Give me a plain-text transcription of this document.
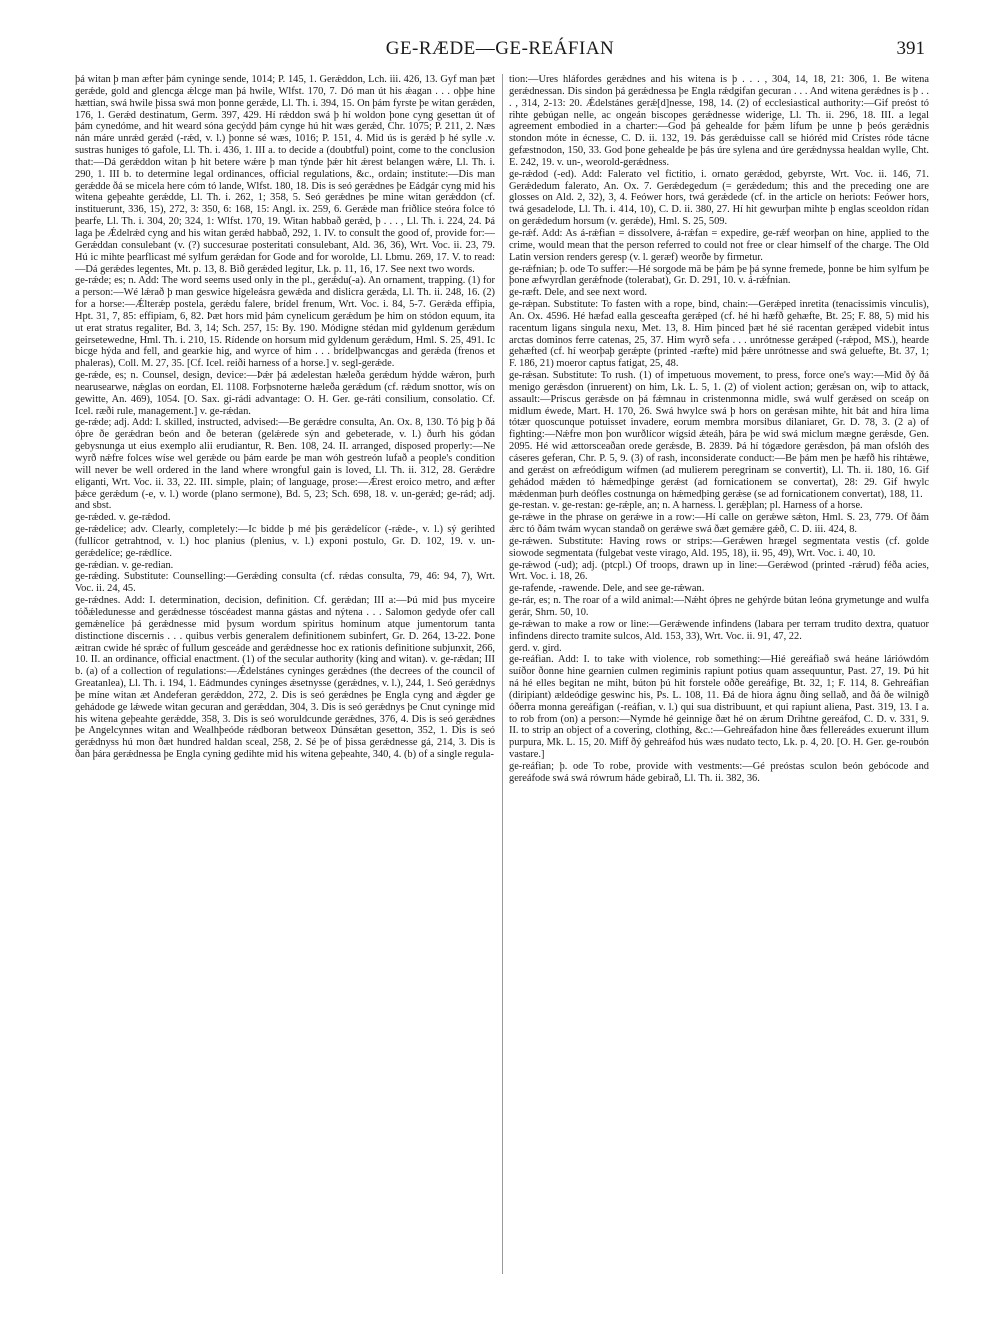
GE-RÆDE—GE-REÁFIAN	391

þá witan þ man æfter þám cyninge sende, 1014; P. 145, 1. Gerǽddon, Lch. iii. 426, 13. Gyf man þæt gerǽde, gold and glencga ǽlcge man þá hwile, Wlfst. 170, 7. Dó man út his ǽagan . . . oþþe hine hættian, swá hwile þissa swá mon þonne gerǽde, Ll. Th. i. 394, 15. On þám fyrste þe witan gerǽden, 176, 1. Gerǽd destinatum, Germ. 397, 429. Hí rǽddon swá þ hí woldon þone cyng gesettan út of þám cynedóme, and hit weard sóna gecýdd þám cynge hú hit wæs gerǽd, Chr. 1075; P. 211, 2. Næs nán máre unrǽd gerǽd (-rǽd, v. l.) þonne sé wæs, 1016; P. 151, 4. Mid ús is gerǽd þ hé sylle .v. sustras huniges tó gafole, Ll. Th. i. 436, 1. III a. to decide a (doubtful) point, come to the conclusion that:—Dá gerǽddon witan þ hit betere wǽre þ man týnde þǽr hit ǽrest belangen wǽre, Ll. Th. i. 290, 1. III b. to determine legal ordinances, official regulations, &c., ordain; institute:—Dis man gerǽdde ðá se micela here cóm tó lande, Wlfst. 180, 18. Dis is seó gerǽdnes þe Eádgár cyng mid his witena geþeahte gerǽdde, Ll. Th. i. 262, 1; 358, 5. Seó gerǽdnes þe mine witan gerǽddon (cf. instituerunt, 336, 15), 272, 3: 350, 6: 168, 15: Angl. ix. 259, 6. Gerǽde man friðlice steóra folce tó þearfe, Ll. Th. i. 304, 20; 324, 1: Wlfst. 170, 19. Witan habbað gerǽd, þ . . . , Ll. Th. i. 224, 24. Þá laga þe Ǽdelrǽd cyng and his witan gerǽd habbað, 292, 1. IV. to consult the good of, provide for:—Gerǽddan consulebant (v. (?) succesurae posteritati consulebant, Ald. 36, 36), Wrt. Voc. ii. 23, 79. Hú ic mihte þearflicast mé sylfum gerǽdan for Gode and for worolde, Ll. Lbmu. 269, 17. V. to read:—Dá gerǽdes legentes, Mt. p. 13, 8. Bið gerǽded legitur, Lk. p. 11, 16, 17. See next two words.

ge-rǽde; es; n. Add: The word seems used only in the pl., gerǽdu(-a). An ornament, trapping. (1) for a person:—Wé lǽrað þ man geswice hígeleásra gewǽda and dislicra gerǽda, Ll. Th. ii. 248, 16. (2) for a horse:—Ǽlterǽp postela, gerǽdu falere, brídel frenum, Wrt. Voc. i. 84, 5-7. Gerǽda effipia, Hpt. 31, 7, 85: effipiam, 6, 82. Þæt hors mid þám cynelicum gerǽdum þe him on stódon equum, ita ut erat stratus regaliter, Bd. 3, 14; Sch. 257, 15: By. 190. Módigne stédan mid gyldenum gerǽdum geirsetewedne, Hml. Th. i. 210, 15. Rídende on horsum mid gyldenum gerǽdum, Hml. S. 25, 491. Ic bicge hýda and fell, and gearkie hig, and wyrce of him . . . brídelþwancgas and gerǽda (frenos et phaleras), Coll. M. 27, 35. [Cf. Icel. reiði harness of a horse.] v. segl-gerǽde.

ge-rǽde, es; n. Counsel, design, device:—Þǽr þá ædelestan hæleða gerǽdum hýdde wǽron, þurh nearusearwe, nǽglas on eordan, El. 1108. Forþsnoterne hæleða gerǽdum (cf. rǽdum snottor, wís on gewitte, An. 469), 1054. [O. Sax. gi-rádi advantage: O. H. Ger. ge-ráti consilium, consolatio. Cf. Icel. ræði rule, management.] v. ge-rǽdan.

ge-rǽde; adj. Add: I. skilled, instructed, advised:—Be gerǽdre consulta, An. Ox. 8, 130. Tó þig þ ðá óþre ðe gerǽdran beón and ðe beteran (gelǽrede sýn and gebeterade, v. l.) ðurh his gódan gebysnunga ut eius exemplo alii erudiantur, R. Ben. 108, 24. II. arranged, disposed properly:—Ne wyrð nǽfre folces wíse wel gerǽde ou þám earde þe man wóh gestreón lufað a people's condition will never be well ordered in the land where wrongful gain is loved, Ll. Th. ii. 312, 28. Gerǽdre eliganti, Wrt. Voc. ii. 33, 22. III. simple, plain; of language, prose:—Ǽrest eroico metro, and æfter þǽce gerǽdum (-e, v. l.) worde (plano sermone), Bd. 5, 23; Sch. 698, 18. v. un-gerǽd; ge-rád; adj. and sbst.

ge-rǽded. v. ge-rǽdod.

ge-rǽdelice; adv. Clearly, completely:—Ic bidde þ mé þis gerǽdelícor (-rǽde-, v. l.) sý gerihted (fullícor getrahtnod, v. l.) hoc planius (plenius, v. l.) exponi postulo, Gr. D. 102, 19. v. un-gerǽdelíce; ge-rǽdlíce.

ge-rǽdian. v. ge-redian.

ge-rǽding. Substitute: Counselling:—Gerǽding consulta (cf. rǽdas consulta, 79, 46: 94, 7), Wrt. Voc. ii. 24, 45.

ge-rǽdnes. Add: I. determination, decision, definition. Cf. gerǽdan; III a:—Þú mid þus myceire tóðǽledunesse and gerǽdnesse tóscéadest manna gástas and nýtena . . . Salomon gedyde ofer call gemǽnelíce þá gerǽdnesse mid þysum wordum spiritus hominum atque jumentorum tanta distinctione discernis . . . quibus verbis generalem definitionem subinfert, Gr. D. 264, 13-22. Þone æitran cwide hé sprǽc of fullum gesceáde and gerǽdnesse hoc ex rationis definitione subjunxit, 266, 10. II. an ordinance, official enactment. (1) of the secular authority (king and witan). v. ge-rǽdan; III b. (a) of a collection of regulations:—Ǽdelstánes cyninges gerǽdnes (the decrees of the council of Greatanlea), Ll. Th. i. 194, 1. Eádmundes cyninges ǽsetnysse (gerǽdnes, v. l.), 244, 1. Seó gerǽdnys þe míne witan æt Andeferan gerǽddon, 272, 2. Dis is seó gerǽdnes þe Engla cyng and ǽgder ge gehádode ge lǽwede witan gecuran and gerǽddan, 304, 3. Dis is seó gerǽdnys þe Cnut cyninge mid his witena geþeahte gerǽdde, 358, 3. Dis is seó woruldcunde gerǽdnes, 376, 4. Dis is seó gerǽdnes þe Angelcynnes witan and Wealhþeóde rǽdboran betweox Dúnsǽtan gesetton, 352, 1. Dis is seó gerǽdnyss hú mon ðæt hundred haldan sceal, 258, 2. Sé þe of þissa gerǽdnesse gá, 214, 3. Dis is ðan þára gerǽdnessa þe Engla cyning gedihte mid his witena geþeahte, 340, 4. (b) of a single regula-

tion:—Úres hláfordes gerǽdnes and his witena is þ . . . , 304, 14, 18, 21: 306, 1. Be witena gerǽdnessan. Dis sindon þá gerǽdnessa þe Engla rǽdgifan gecuran . . . And witena gerǽdnes is þ . . . , 314, 2-13: 20. Ǽdelstánes gerǽ[d]nesse, 198, 14. (2) of ecclesiastical authority:—Gif preóst tó rihte gebúgan nelle, ac ongeán biscopes gerǽdnesse widerige, Ll. Th. ii. 296, 18. III. a legal agreement embodied in a charter:—God þá gehealde for þǽm lífum þe unne þ þeós gerǽdnis stondon móte in écnesse, C. D. ii. 132, 19. Þás gerǽduisse call se hióréd mid Crístes róde tácne gefæstnodon, 150, 33. God þone gehealde þe þás úre sylena and úre gerǽdnyssa healdan wylle, Cht. E. 242, 19. v. un-, weorold-gerǽdness.

ge-rǽdod (-ed). Add: Falerato vel fictitio, i. ornato gerǽdod, gebyrste, Wrt. Voc. ii. 146, 71. Gerǽdedum falerato, An. Ox. 7. Gerǽdegedum (= gerǽdedum; this and the preceding one are glosses on Ald. 2, 32), 3, 4. Feówer hors, twá gerǽdede (cf. in the article on heriots: Feówer hors, twá gesadelode, Ll. Th. i. 414, 10), C. D. ii. 380, 27. Hí hit gewurþan mihte þ englas sceoldon rídan on gerǽdedum horsum (v. gerǽde), Hml. S. 25, 509.

ge-rǽf. Add: As á-rǽfian = dissolvere, á-rǽfan = expedire, ge-rǽf weorþan on hine, applied to the crime, would mean that the person referred to could not free or clear himself of the charge. The Old Latin version renders geresp (v. l. geræf) weorðe by firmetur.

ge-rǽfnian; þ. ode To suffer:—Hé sorgode mä be þám þe þá synne fremede, þonne be him sylfum þe þone æfwyrdlan gerǽfnode (tolerabat), Gr. D. 291, 10. v. á-rǽfnian.

ge-ræft. Dele, and see next word.

ge-rǽpan. Substitute: To fasten with a rope, bind, chain:—Gerǽped inretita (tenacissimis vinculis), An. Ox. 4596. Hé hæfad ealla gesceafta gerǽped (cf. hé hi hæfð gehæfte, Bt. 25; F. 88, 5) mid his racentum ligans singula nexu, Met. 13, 8. Him þinced þæt hé sié racentan gerǽped videbit intus arctas dominos ferre catenas, 25, 37. Him wyrð sefa . . . unrótnesse gerǽped (-rǽpod, MS.), hearde gehæfted (cf. hí weorþaþ gerǽpte (printed -ræfte) mid þǽre unrótnesse and swá geluefte, Bt. 37, 1; F. 186, 21) moeror captus fatigat, 25, 48.

ge-rǽsan. Substitute: To rush. (1) of impetuous movement, to press, force one's way:—Mid ðý ðá menigo gerǽsdon (inruerent) on him, Lk. L. 5, 1. (2) of violent action; gerǽsan on, wiþ to attack, assault:—Priscus gerǽsde on þá fǽmnau in cristenmonna midle, swá wulf gerǽsed on sceáp on midlum éwede, Mart. H. 170, 26. Swá hwylce swá þ hors on gerǽsan mihte, hit bát and híra lima tótær quoscunque potuisset invadere, eorum membra morsibus dilaniaret, Gr. D. 78, 3. (2 a) of fighting:—Nǽfre mon þon wurðlícor wígsid ǽteáh, þára þe wid swá miclum mægne gerǽsde, Gen. 2095. Hé wid ættorsceaðan orede gerǽsde, B. 2839. Þá hí tógædore gerǽsdon, þá man ofslóh des cáseres geferan, Chr. P. 5, 9. (3) of rash, inconsiderate conduct:—Be þám men þe hæfð his rihtǽwe, and gerǽst on æfreódigum wífmen (ad mulierem peregrinam se convertit), Ll. Th. ii. 180, 16. Gif gehádod mǽden tó hǽmedþinge gerǽst (ad fornicationem se convertat), 28: 29. Gif hwylc mǽdenman þurh deófles costnunga on hǽmedþing gerǽse (se ad fornicationem convertat), 188, 11.

ge-restan. v. ge-restan: ge-rǽple, an; n. A harness. l. gerǽþlan; pl. Harness of a horse.

ge-rǽwe in the phrase on gerǽwe in a row:—Hí calle on gerǽwe sǽton, Hml. S. 23, 779. Of ðám ǽrc tó ðám twám wycan standað on gerǽwe swá ðæt gemǽre gǽð, C. D. iii. 424, 8.

ge-rǽwen. Substitute: Having rows or strips:—Gerǽwen hrægel segmentata vestis (cf. golde siowode segmentata (fulgebat veste virago, Ald. 195, 18), ii. 95, 49), Wrt. Voc. i. 40, 10.

ge-rǽwod (-ud); adj. (ptcpl.) Of troops, drawn up in line:—Gerǽwod (printed -rǽrud) féða acies, Wrt. Voc. i. 18, 26.

ge-rafende, -rawende. Dele, and see ge-rǽwan.

ge-rár, es; n. The roar of a wild animal:—Nǽht óþres ne gehýrde bútan leóna grymetunge and wulfa gerár, Shrn. 50, 10.

ge-rǽwan to make a row or line:—Gerǽwende infindens (labara per terram trudito dextra, quatuor infindens directo tramite sulcos, Ald. 153, 33), Wrt. Voc. ii. 91, 47, 22.

gerd. v. gird.

ge-reáfian. Add: I. to take with violence, rob something:—Hié gereáfiað swá heáne láriówdóm suíðor ðonne hine gearnien culmen regiminis rapiunt potius quam assequuntur, Past. 27, 19. Þú hit ná hé elles begitan ne miht, búton þú hit forstele oððe gereáfige, Bt. 32, 1; F. 114, 8. Gehreáfian (diripiant) ældeódige geswinc his, Ps. L. 108, 11. Ðá de hiora ágnu ðing sellað, and ðá ðe wilnigð óðerra monna gereáfigan (-reáfian, v. l.) qui sua distribuunt, et qui rapiunt aliena, Past. 319, 13. I a. to rob from (on) a person:—Nymde hé geinnige ðæt hé on ǽrum Drihtne gereáfod, C. D. v. 331, 9. II. to strip an object of a covering, clothing, &c.:—Gehreáfadon hine ðæs fellereádes exuerunt illum purpura, Mk. L. 15, 20. Miff ðý gehreáfod hús wæs nudato tecto, Lk. p. 4, 20. [O. H. Ger. ge-roubón vastare.]

ge-reáfian; þ. ode To robe, provide with vestments:—Gé preóstas sculon beón gebócode and gereáfode swá swá rówrum háde gebirað, Ll. Th. ii. 382, 36.
